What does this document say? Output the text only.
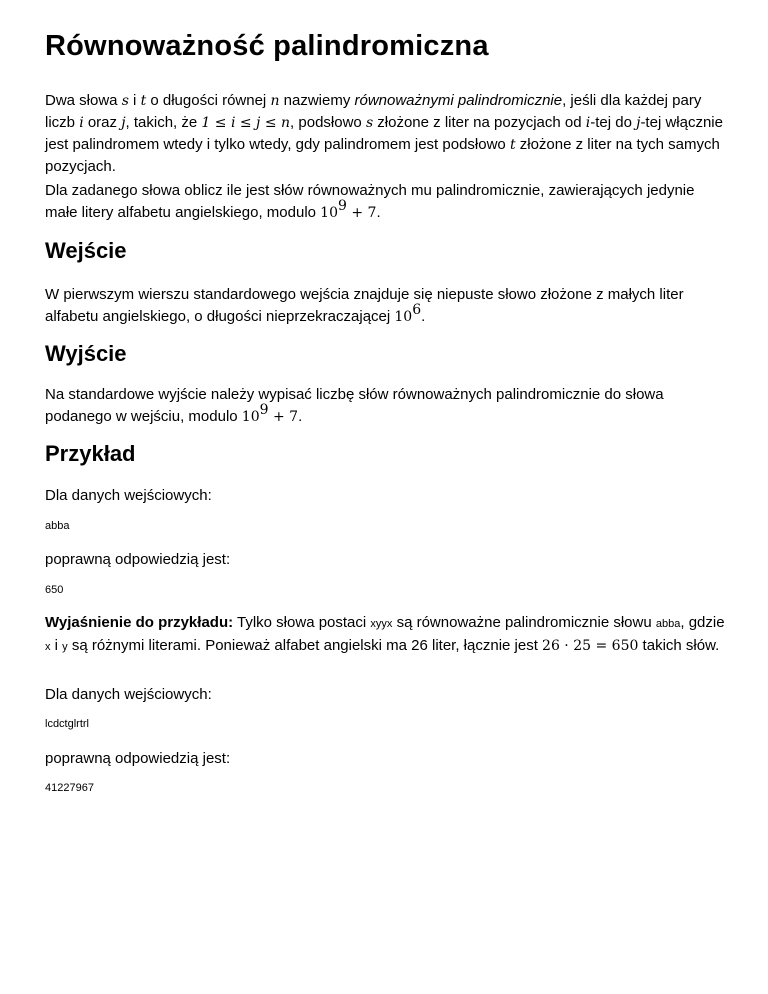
Równoważność palindromiczna

Dwa słowa s i t o długości równej n nazwiemy równoważnymi palindromicznie, jeśli dla każdej pary liczb i oraz j, takich, że 1 ≤ i ≤ j ≤ n, podsłowo s złożone z liter na pozycjach od i-tej do j-tej włącznie jest palindromem wtedy i tylko wtedy, gdy palindromem jest podsłowo t złożone z liter na tych samych pozycjach.

Dla zadanego słowa oblicz ile jest słów równoważnych mu palindromicznie, zawierających jedynie małe litery alfabetu angielskiego, modulo $10^9 + 7$.

Wejście

W pierwszym wierszu standardowego wejścia znajduje się niepuste słowo złożone z małych liter alfabetu angielskiego, o długości nieprzekraczającej $10^6$.

Wyjście

Na standardowe wyjście należy wypisać liczbę słów równoważnych palindromicznie do słowa podanego w wejściu, modulo $10^9 + 7$.

Przykład

Dla danych wejściowych:

abba

poprawną odpowiedzią jest:

650

Wyjaśnienie do przykładu: Tylko słowa postaci xyyx są równoważne palindromicznie słowu abba, gdzie x i y są różnymi literami. Ponieważ alfabet angielski ma 26 liter, łącznie jest 26 · 25 = 650 takich słów.

Dla danych wejściowych:

lcdctglrtrl

poprawną odpowiedzią jest:

41227967
